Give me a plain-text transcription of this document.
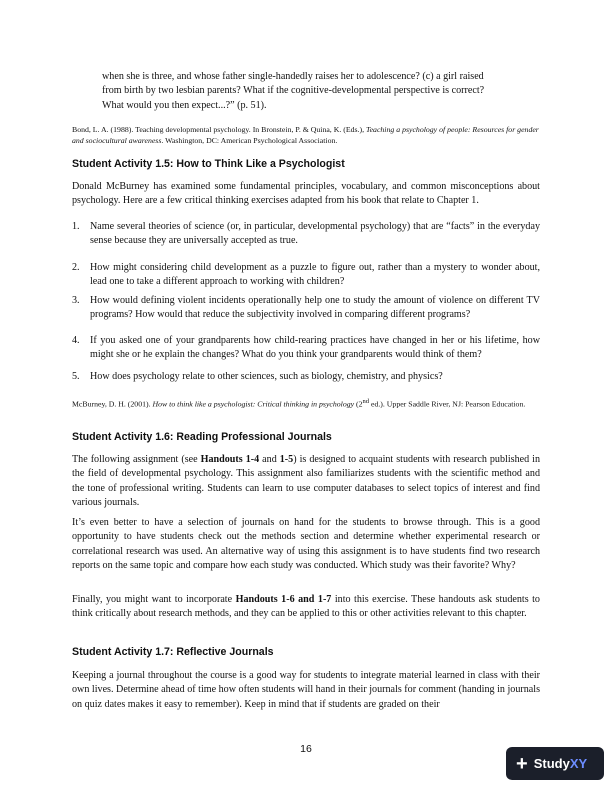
when she is three, and whose father single-handedly raises her to adolescence? (c) a girl raised
from birth by two lesbian parents? What if the cognitive-developmental perspective is correct?
What would you then expect...?” (p. 51).

Bond, L. A. (1988). Teaching developmental psychology. In Bronstein, P. & Quina, K. (Eds.), Teaching a psychology of people: Resources for gender and sociocultural awareness. Washington, DC: American Psychological Association.

Student Activity 1.5: How to Think Like a Psychologist

Donald McBurney has examined some fundamental principles, vocabulary, and common misconceptions about psychology. Here are a few critical thinking exercises adapted from his book that relate to Chapter 1.

1. Name several theories of science (or, in particular, developmental psychology) that are “facts” in the everyday sense because they are universally accepted as true.
2. How might considering child development as a puzzle to figure out, rather than a mystery to wonder about, lead one to take a different approach to working with children?
3. How would defining violent incidents operationally help one to study the amount of violence on different TV programs? How would that reduce the subjectivity involved in comparing different programs?
4. If you asked one of your grandparents how child-rearing practices have changed in her or his lifetime, how might she or he explain the changes? What do you think your grandparents would think of them?
5. How does psychology relate to other sciences, such as biology, chemistry, and physics?

McBurney, D. H. (2001). How to think like a psychologist: Critical thinking in psychology (2nd ed.). Upper Saddle River, NJ: Pearson Education.

Student Activity 1.6: Reading Professional Journals

The following assignment (see Handouts 1-4 and 1-5) is designed to acquaint students with research published in the field of developmental psychology. This assignment also familiarizes students with the scientific method and the tone of professional writing. Students can learn to use computer databases to select topics of interest and find various journals.

It’s even better to have a selection of journals on hand for the students to browse through. This is a good opportunity to have students check out the methods section and determine whether experimental research or correlational research was used. An alternative way of using this assignment is to have students find two research reports on the same topic and compare how each study was conducted. Which study was their favorite? Why?

Finally, you might want to incorporate Handouts 1-6 and 1-7 into this exercise. These handouts ask students to think critically about research methods, and they can be applied to this or other activities relevant to this chapter.

Student Activity 1.7: Reflective Journals

Keeping a journal throughout the course is a good way for students to integrate material learned in class with their own lives. Determine ahead of time how often students will hand in their journals for comment (handing in journals on quiz dates makes it easy to remember). Keep in mind that if students are graded on their

16
+ StudyXY
